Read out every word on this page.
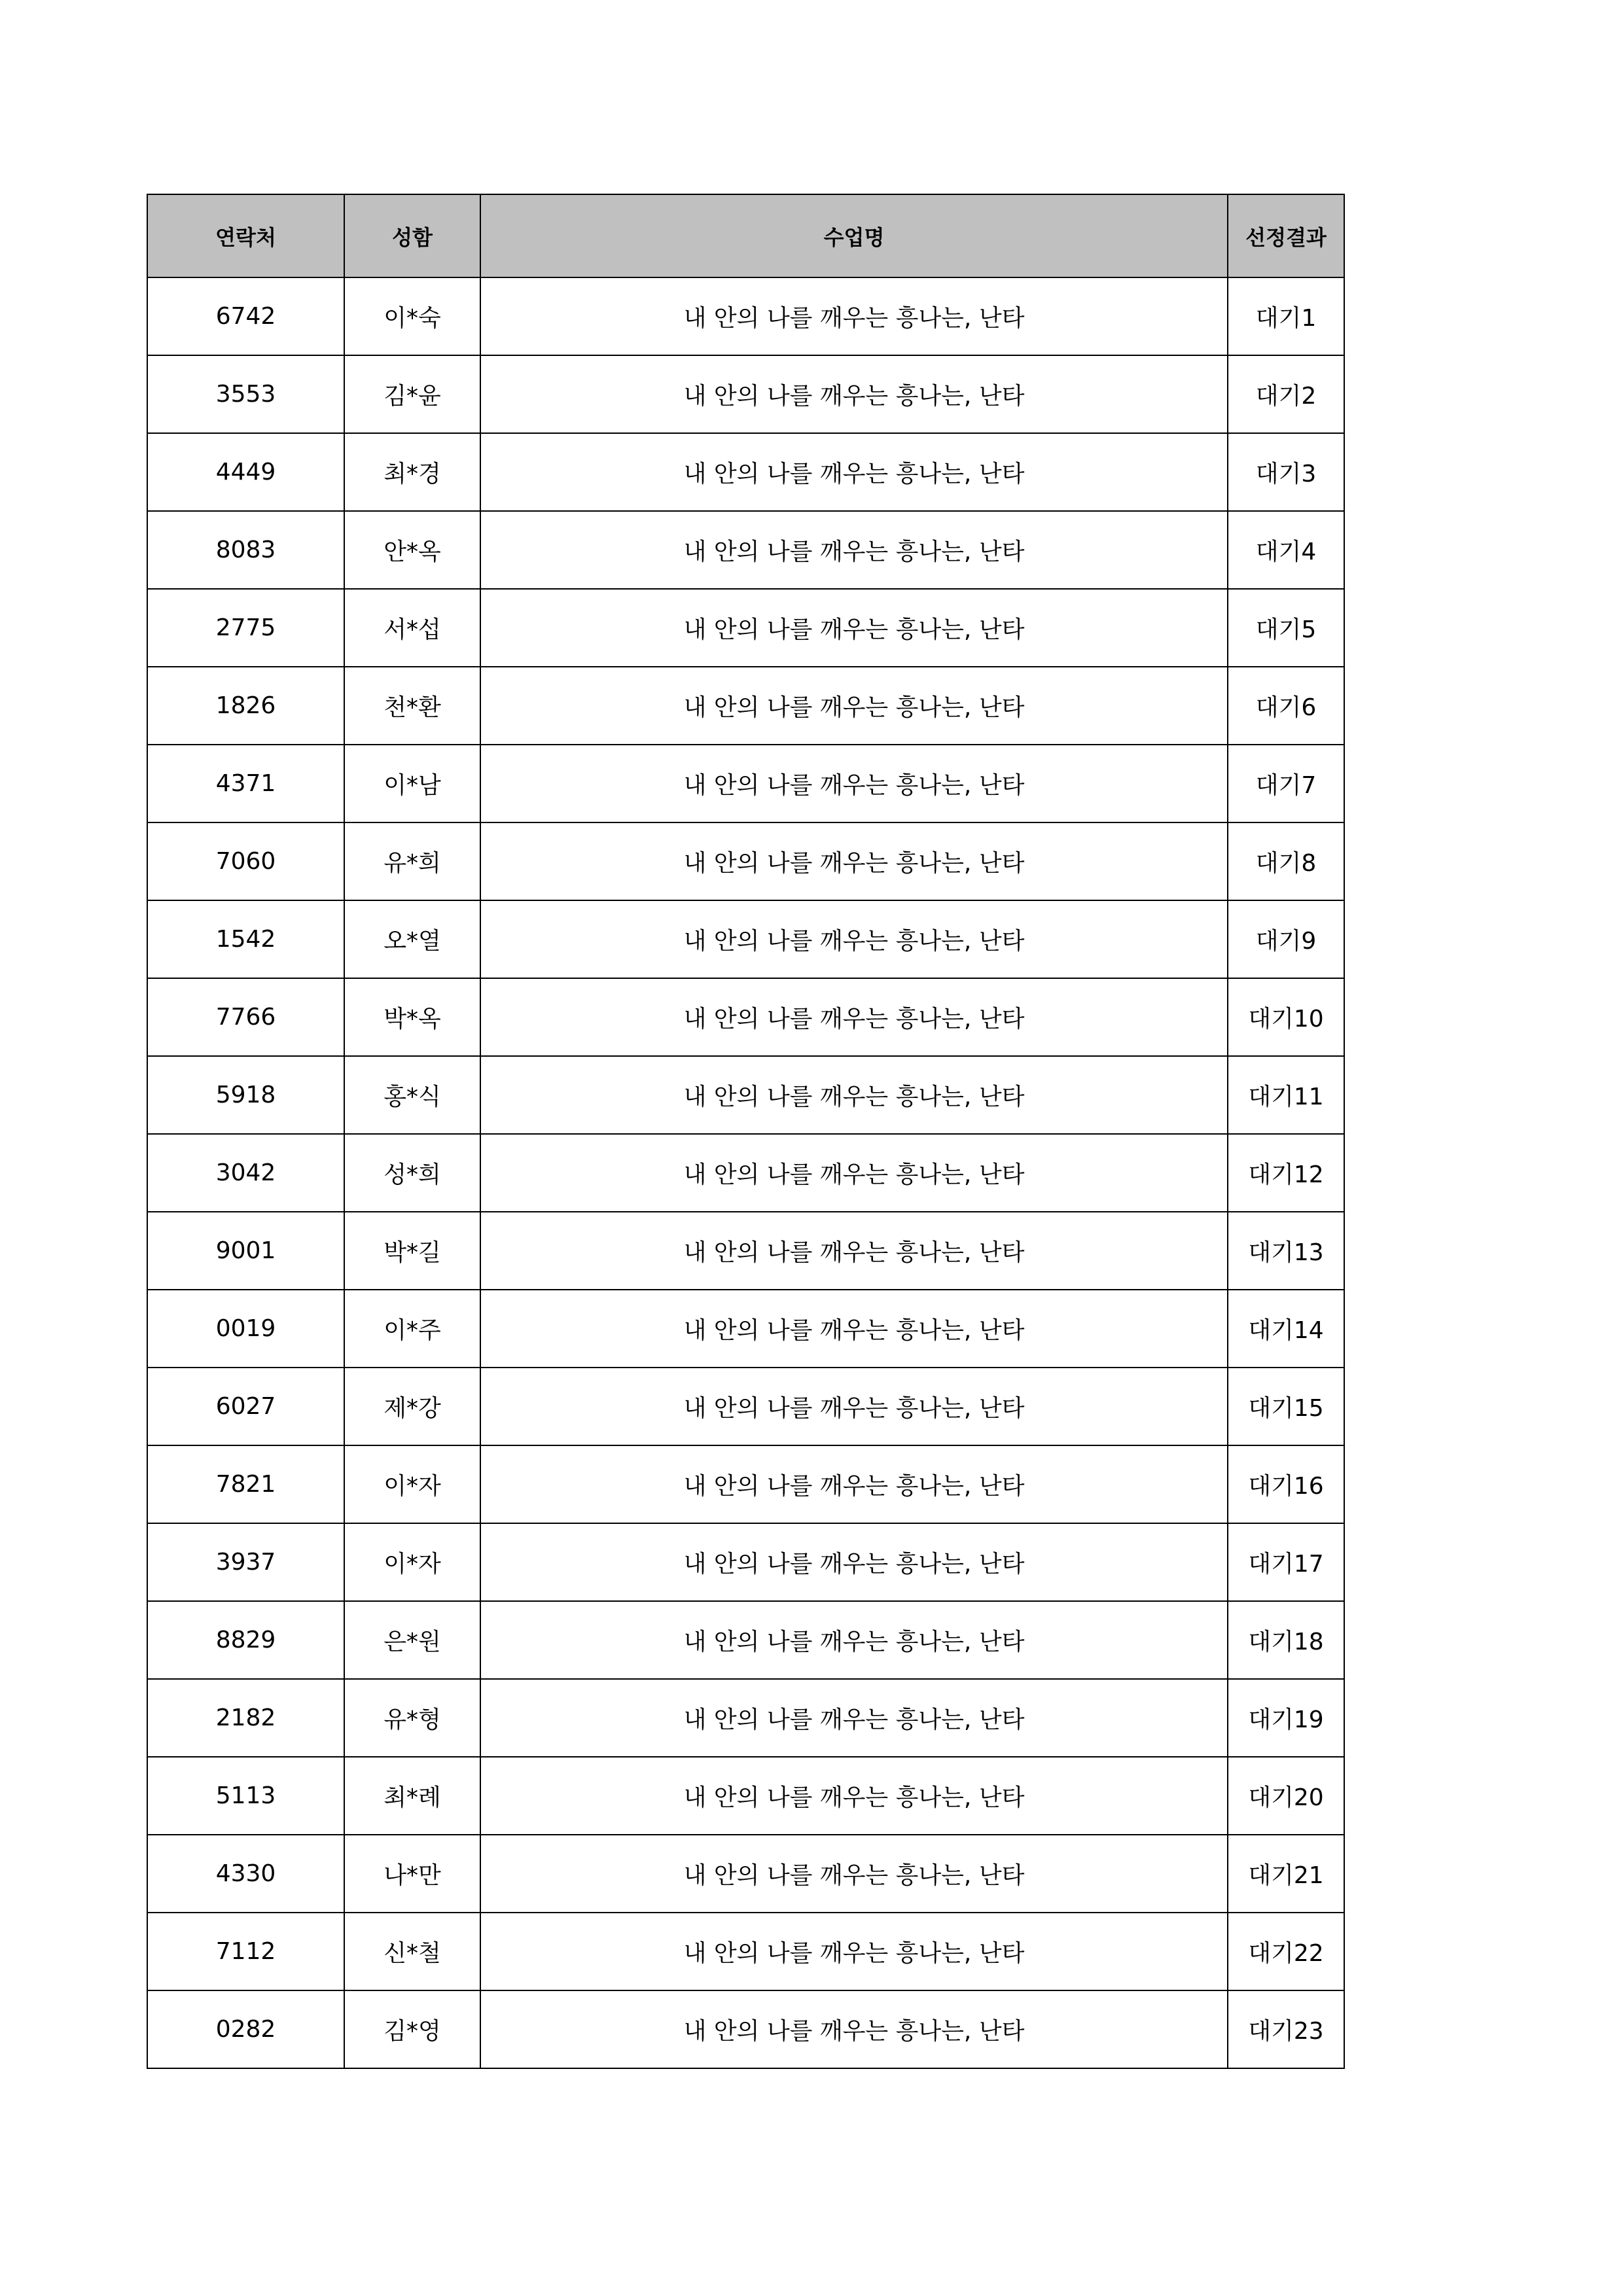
연락처	성함	수업명	선정결과
6742	이*숙	내 안의 나를 깨우는 흥나는, 난타	대기1
3553	김*윤	내 안의 나를 깨우는 흥나는, 난타	대기2
4449	최*경	내 안의 나를 깨우는 흥나는, 난타	대기3
8083	안*옥	내 안의 나를 깨우는 흥나는, 난타	대기4
2775	서*섭	내 안의 나를 깨우는 흥나는, 난타	대기5
1826	천*환	내 안의 나를 깨우는 흥나는, 난타	대기6
4371	이*남	내 안의 나를 깨우는 흥나는, 난타	대기7
7060	유*희	내 안의 나를 깨우는 흥나는, 난타	대기8
1542	오*열	내 안의 나를 깨우는 흥나는, 난타	대기9
7766	박*옥	내 안의 나를 깨우는 흥나는, 난타	대기10
5918	홍*식	내 안의 나를 깨우는 흥나는, 난타	대기11
3042	성*희	내 안의 나를 깨우는 흥나는, 난타	대기12
9001	박*길	내 안의 나를 깨우는 흥나는, 난타	대기13
0019	이*주	내 안의 나를 깨우는 흥나는, 난타	대기14
6027	제*강	내 안의 나를 깨우는 흥나는, 난타	대기15
7821	이*자	내 안의 나를 깨우는 흥나는, 난타	대기16
3937	이*자	내 안의 나를 깨우는 흥나는, 난타	대기17
8829	은*원	내 안의 나를 깨우는 흥나는, 난타	대기18
2182	유*형	내 안의 나를 깨우는 흥나는, 난타	대기19
5113	최*례	내 안의 나를 깨우는 흥나는, 난타	대기20
4330	나*만	내 안의 나를 깨우는 흥나는, 난타	대기21
7112	신*철	내 안의 나를 깨우는 흥나는, 난타	대기22
0282	김*영	내 안의 나를 깨우는 흥나는, 난타	대기23
